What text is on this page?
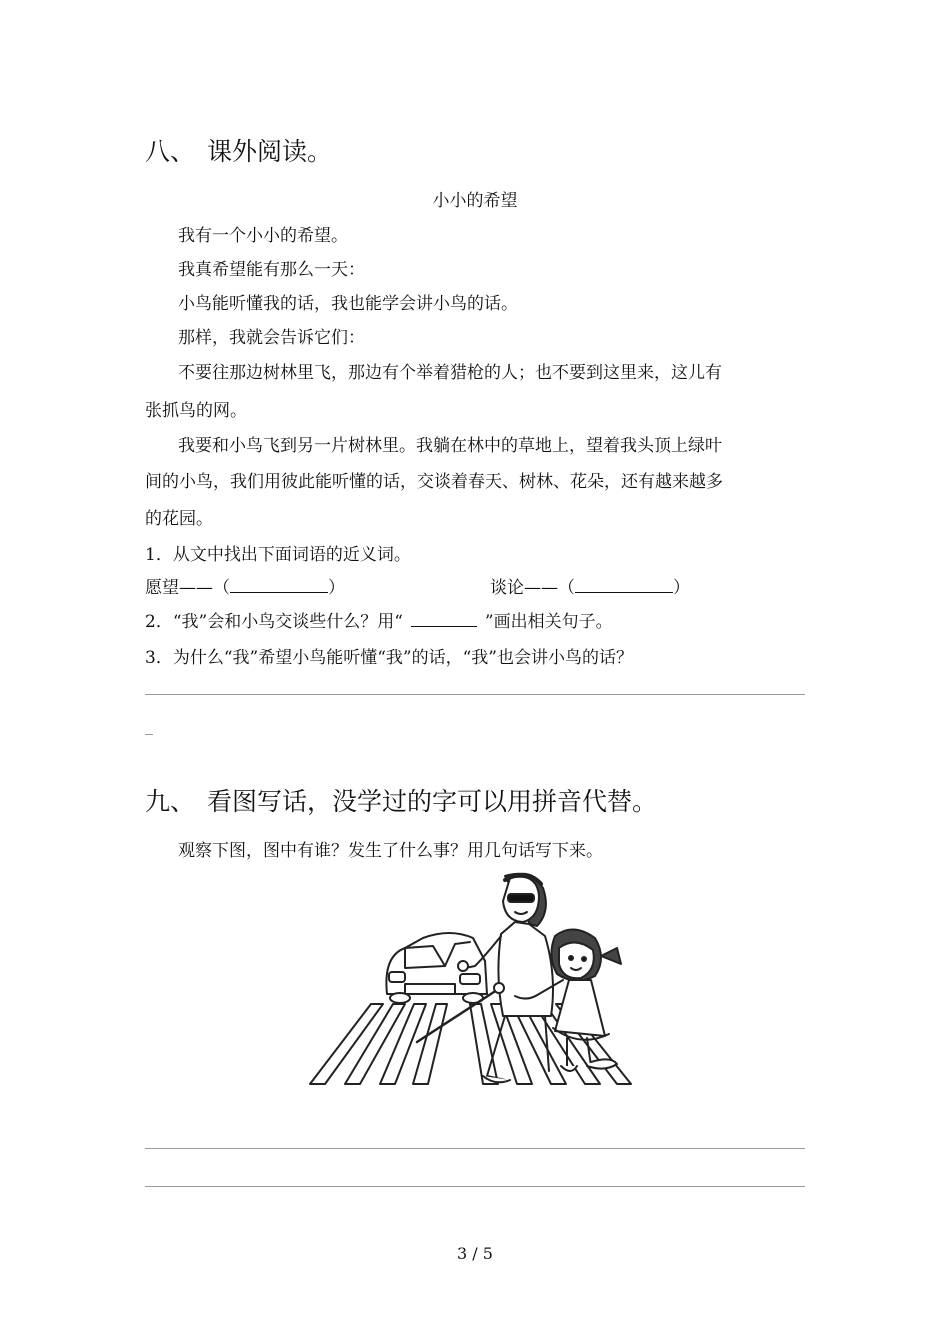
八、 课外阅读。
小小的希望
我有一个小小的希望。
我真希望能有那么一天：
小鸟能听懂我的话，我也能学会讲小鸟的话。
那样，我就会告诉它们：
不要往那边树林里飞，那边有个举着猎枪的人；也不要到这里来，这儿有
张抓鸟的网。
我要和小鸟飞到另一片树林里。我躺在林中的草地上，望着我头顶上绿叶
间的小鸟，我们用彼此能听懂的话，交谈着春天、树林、花朵，还有越来越多
的花园。
1．从文中找出下面词语的近义词。
愿望——（	）	谈论——（	）
2．“我”会和小鸟交谈些什么？用“	”画出相关句子。
3．为什么“我”希望小鸟能听懂“我”的话，“我”也会讲小鸟的话？
九、 看图写话，没学过的字可以用拼音代替。
观察下图，图中有谁？发生了什么事？用几句话写下来。
3 / 5
